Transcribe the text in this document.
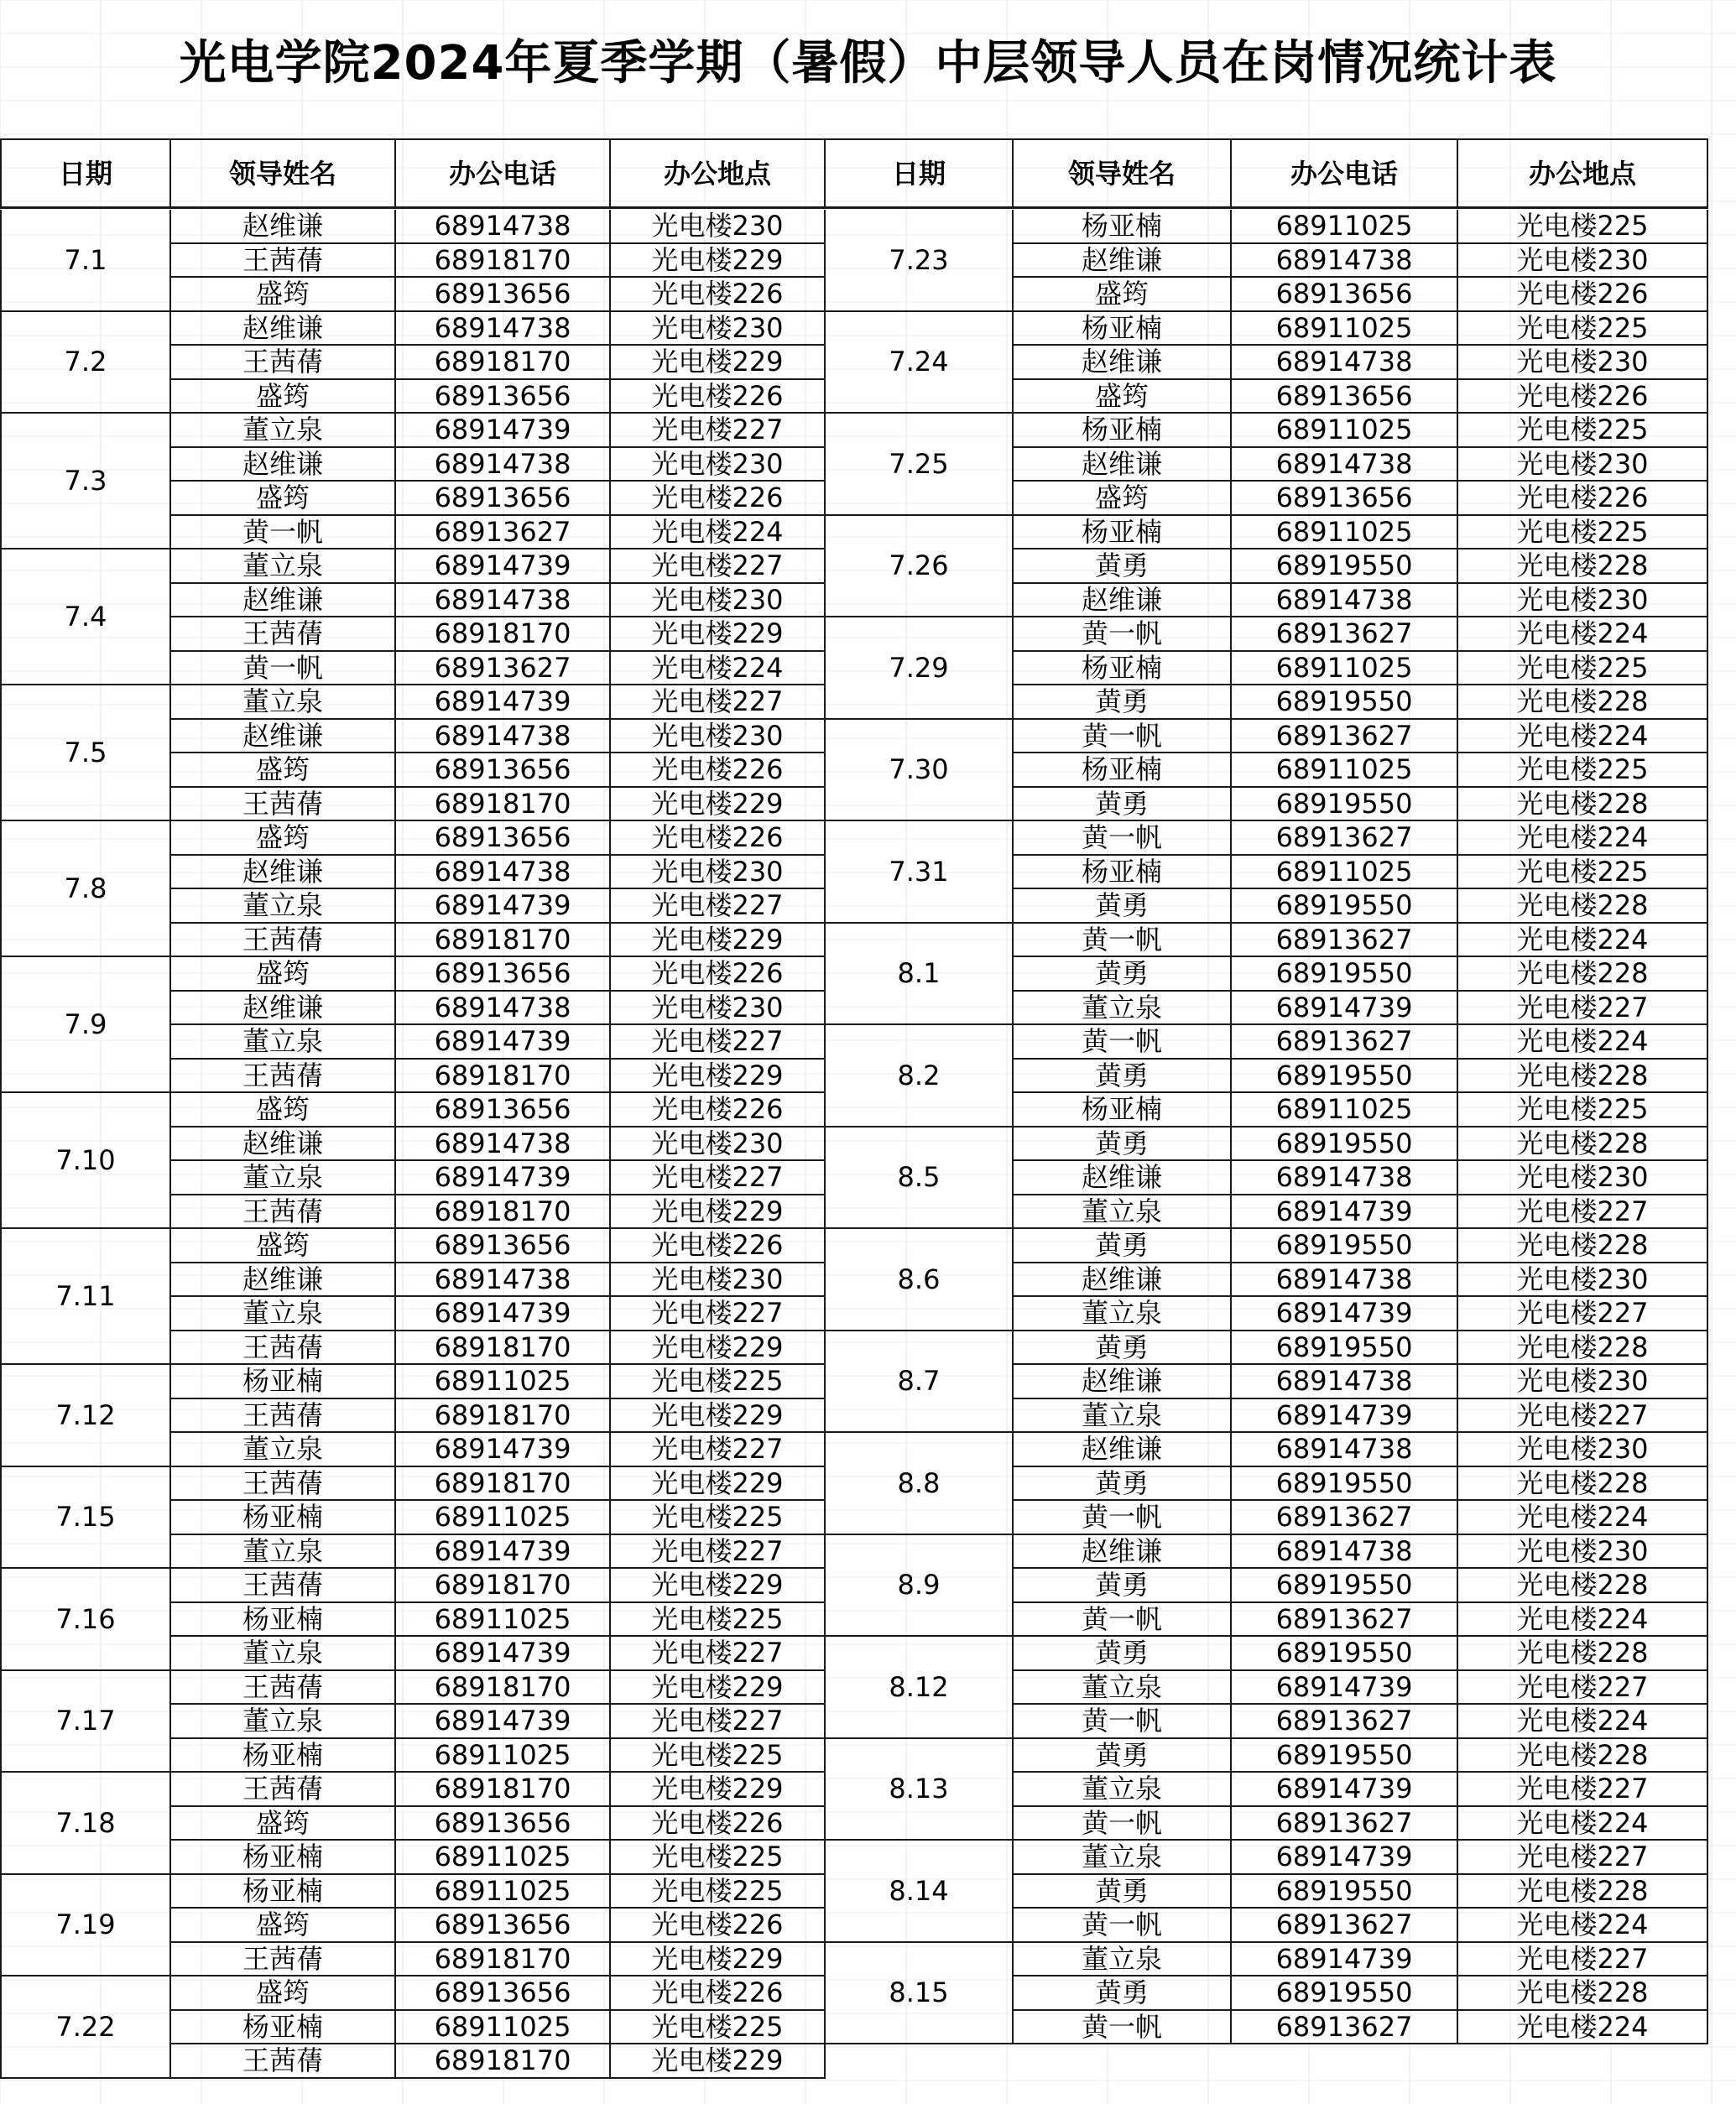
光电学院2024年夏季学期（暑假）中层领导人员在岗情况统计表
日期	领导姓名	办公电话	办公地点	日期	领导姓名	办公电话	办公地点
7.1
赵维谦	68914738	光电楼230
王茜蒨	68918170	光电楼229
盛筠	68913656	光电楼226
7.2
赵维谦	68914738	光电楼230
王茜蒨	68918170	光电楼229
盛筠	68913656	光电楼226
7.3
董立泉	68914739	光电楼227
赵维谦	68914738	光电楼230
盛筠	68913656	光电楼226
黄一帆	68913627	光电楼224
7.4
董立泉	68914739	光电楼227
赵维谦	68914738	光电楼230
王茜蒨	68918170	光电楼229
黄一帆	68913627	光电楼224
7.5
董立泉	68914739	光电楼227
赵维谦	68914738	光电楼230
盛筠	68913656	光电楼226
王茜蒨	68918170	光电楼229
7.8
盛筠	68913656	光电楼226
赵维谦	68914738	光电楼230
董立泉	68914739	光电楼227
王茜蒨	68918170	光电楼229
7.9
盛筠	68913656	光电楼226
赵维谦	68914738	光电楼230
董立泉	68914739	光电楼227
王茜蒨	68918170	光电楼229
7.10
盛筠	68913656	光电楼226
赵维谦	68914738	光电楼230
董立泉	68914739	光电楼227
王茜蒨	68918170	光电楼229
7.11
盛筠	68913656	光电楼226
赵维谦	68914738	光电楼230
董立泉	68914739	光电楼227
王茜蒨	68918170	光电楼229
7.12
杨亚楠	68911025	光电楼225
王茜蒨	68918170	光电楼229
董立泉	68914739	光电楼227
7.15
王茜蒨	68918170	光电楼229
杨亚楠	68911025	光电楼225
董立泉	68914739	光电楼227
7.16
王茜蒨	68918170	光电楼229
杨亚楠	68911025	光电楼225
董立泉	68914739	光电楼227
7.17
王茜蒨	68918170	光电楼229
董立泉	68914739	光电楼227
杨亚楠	68911025	光电楼225
7.18
王茜蒨	68918170	光电楼229
盛筠	68913656	光电楼226
杨亚楠	68911025	光电楼225
7.19
杨亚楠	68911025	光电楼225
盛筠	68913656	光电楼226
王茜蒨	68918170	光电楼229
7.22
盛筠	68913656	光电楼226
杨亚楠	68911025	光电楼225
王茜蒨	68918170	光电楼229
7.23
杨亚楠	68911025	光电楼225
赵维谦	68914738	光电楼230
盛筠	68913656	光电楼226
7.24
杨亚楠	68911025	光电楼225
赵维谦	68914738	光电楼230
盛筠	68913656	光电楼226
7.25
杨亚楠	68911025	光电楼225
赵维谦	68914738	光电楼230
盛筠	68913656	光电楼226
7.26
杨亚楠	68911025	光电楼225
黄勇	68919550	光电楼228
赵维谦	68914738	光电楼230
7.29
黄一帆	68913627	光电楼224
杨亚楠	68911025	光电楼225
黄勇	68919550	光电楼228
7.30
黄一帆	68913627	光电楼224
杨亚楠	68911025	光电楼225
黄勇	68919550	光电楼228
7.31
黄一帆	68913627	光电楼224
杨亚楠	68911025	光电楼225
黄勇	68919550	光电楼228
8.1
黄一帆	68913627	光电楼224
黄勇	68919550	光电楼228
董立泉	68914739	光电楼227
8.2
黄一帆	68913627	光电楼224
黄勇	68919550	光电楼228
杨亚楠	68911025	光电楼225
8.5
黄勇	68919550	光电楼228
赵维谦	68914738	光电楼230
董立泉	68914739	光电楼227
8.6
黄勇	68919550	光电楼228
赵维谦	68914738	光电楼230
董立泉	68914739	光电楼227
8.7
黄勇	68919550	光电楼228
赵维谦	68914738	光电楼230
董立泉	68914739	光电楼227
8.8
赵维谦	68914738	光电楼230
黄勇	68919550	光电楼228
黄一帆	68913627	光电楼224
8.9
赵维谦	68914738	光电楼230
黄勇	68919550	光电楼228
黄一帆	68913627	光电楼224
8.12
黄勇	68919550	光电楼228
董立泉	68914739	光电楼227
黄一帆	68913627	光电楼224
8.13
黄勇	68919550	光电楼228
董立泉	68914739	光电楼227
黄一帆	68913627	光电楼224
8.14
董立泉	68914739	光电楼227
黄勇	68919550	光电楼228
黄一帆	68913627	光电楼224
8.15
董立泉	68914739	光电楼227
黄勇	68919550	光电楼228
黄一帆	68913627	光电楼224
